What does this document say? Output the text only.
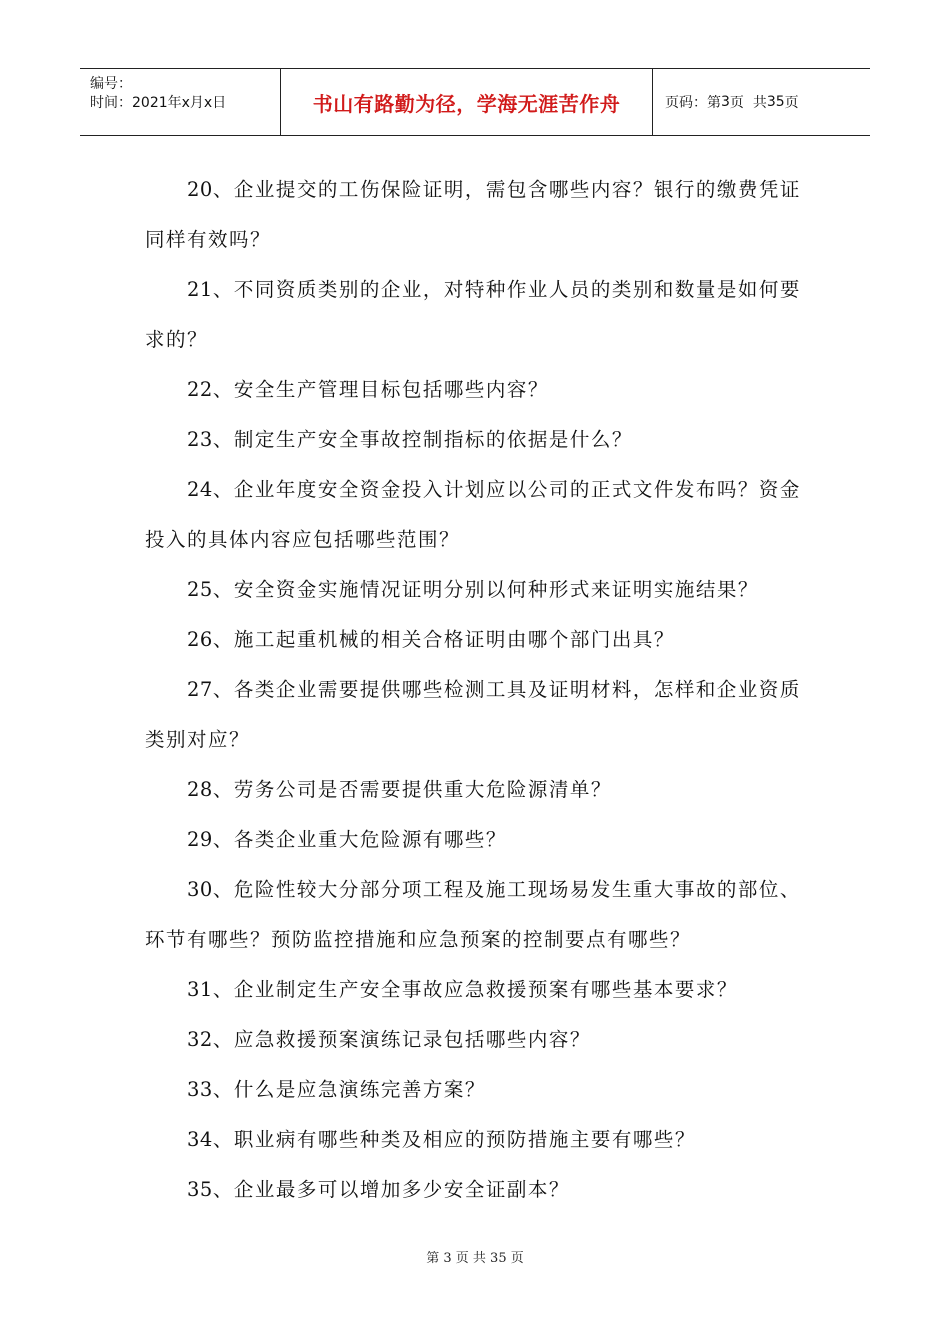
编号：
时间：2021年x月x日	书山有路勤为径，学海无涯苦作舟	页码：第 3 页  共 35 页

20、企业提交的工伤保险证明，需包含哪些内容？银行的缴费凭证同样有效吗？

21、不同资质类别的企业，对特种作业人员的类别和数量是如何要求的？

22、安全生产管理目标包括哪些内容？

23、制定生产安全事故控制指标的依据是什么？

24、企业年度安全资金投入计划应以公司的正式文件发布吗？资金投入的具体内容应包括哪些范围？

25、安全资金实施情况证明分别以何种形式来证明实施结果？

26、施工起重机械的相关合格证明由哪个部门出具？

27、各类企业需要提供哪些检测工具及证明材料，怎样和企业资质类别对应？

28、劳务公司是否需要提供重大危险源清单？

29、各类企业重大危险源有哪些？

30、危险性较大分部分项工程及施工现场易发生重大事故的部位、环节有哪些？预防监控措施和应急预案的控制要点有哪些？

31、企业制定生产安全事故应急救援预案有哪些基本要求？

32、应急救援预案演练记录包括哪些内容？

33、什么是应急演练完善方案？

34、职业病有哪些种类及相应的预防措施主要有哪些？

35、企业最多可以增加多少安全证副本？

第 3 页 共 35 页
